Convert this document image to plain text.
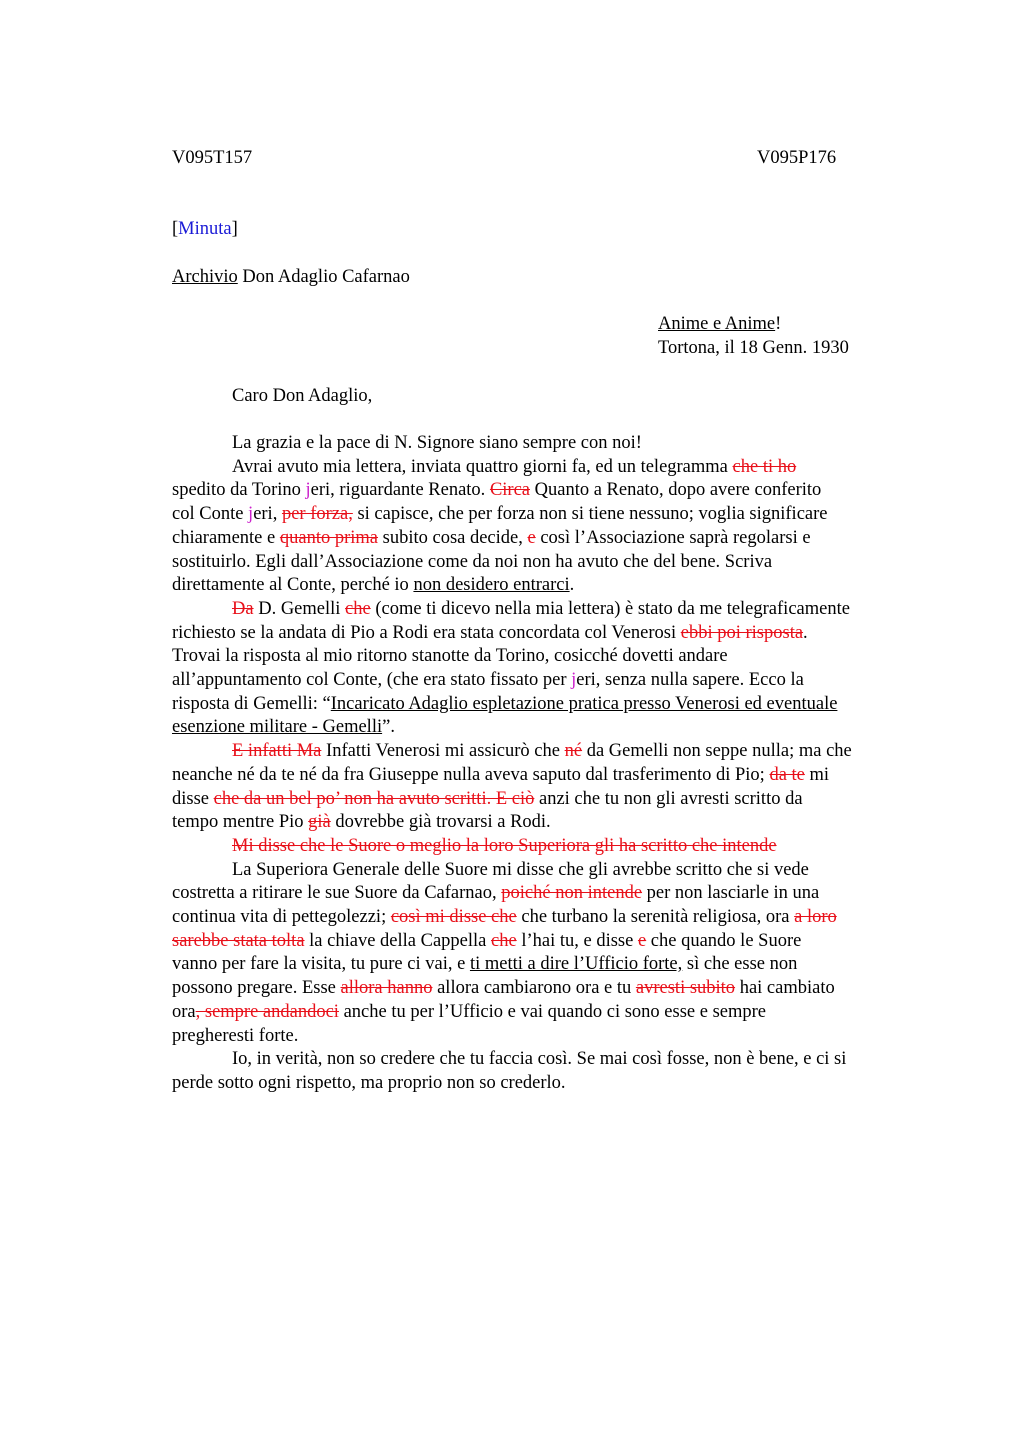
V095T157	V095P176
[Minuta]
Archivio Don Adaglio Cafarnao
Anime e Anime!
Tortona, il 18 Genn. 1930
Caro Don Adaglio,

La grazia e la pace di N. Signore siano sempre con noi!

Avrai avuto mia lettera, inviata quattro giorni fa, ed un telegramma che ti ho

spedito da Torino jeri, riguardante Renato. Circa Quanto a Renato, dopo avere conferito

col Conte jeri, per forza, si capisce, che per forza non si tiene nessuno; voglia significare

chiaramente e quanto prima subito cosa decide, e così l’Associazione saprà regolarsi e

sostituirlo. Egli dall’Associazione come da noi non ha avuto che del bene. Scriva

direttamente al Conte, perché io non desidero entrarci.

Da D. Gemelli che (come ti dicevo nella mia lettera) è stato da me telegraficamente

richiesto se la andata di Pio a Rodi era stata concordata col Venerosi ebbi poi risposta.

Trovai la risposta al mio ritorno stanotte da Torino, cosicché dovetti andare

all’appuntamento col Conte, (che era stato fissato per jeri, senza nulla sapere. Ecco la

risposta di Gemelli: “Incaricato Adaglio espletazione pratica presso Venerosi ed eventuale

esenzione militare - Gemelli”.

E infatti Ma Infatti Venerosi mi assicurò che né da Gemelli non seppe nulla; ma che

neanche né da te né da fra Giuseppe nulla aveva saputo dal trasferimento di Pio; da te mi

disse che da un bel po’ non ha avuto scritti. E ciò anzi che tu non gli avresti scritto da

tempo mentre Pio già dovrebbe già trovarsi a Rodi.

Mi disse che le Suore o meglio la loro Superiora gli ha scritto che intende

La Superiora Generale delle Suore mi disse che gli avrebbe scritto che si vede

costretta a ritirare le sue Suore da Cafarnao, poiché non intende per non lasciarle in una

continua vita di pettegolezzi; così mi disse che che turbano la serenità religiosa, ora a loro

sarebbe stata tolta la chiave della Cappella che l’hai tu, e disse e che quando le Suore

vanno per fare la visita, tu pure ci vai, e ti metti a dire l’Ufficio forte, sì che esse non

possono pregare. Esse allora hanno allora cambiarono ora e tu avresti subito hai cambiato

ora, sempre andandoci anche tu per l’Ufficio e vai quando ci sono esse e sempre

pregheresti forte.

Io, in verità, non so credere che tu faccia così. Se mai così fosse, non è bene, e ci si

perde sotto ogni rispetto, ma proprio non so crederlo.
